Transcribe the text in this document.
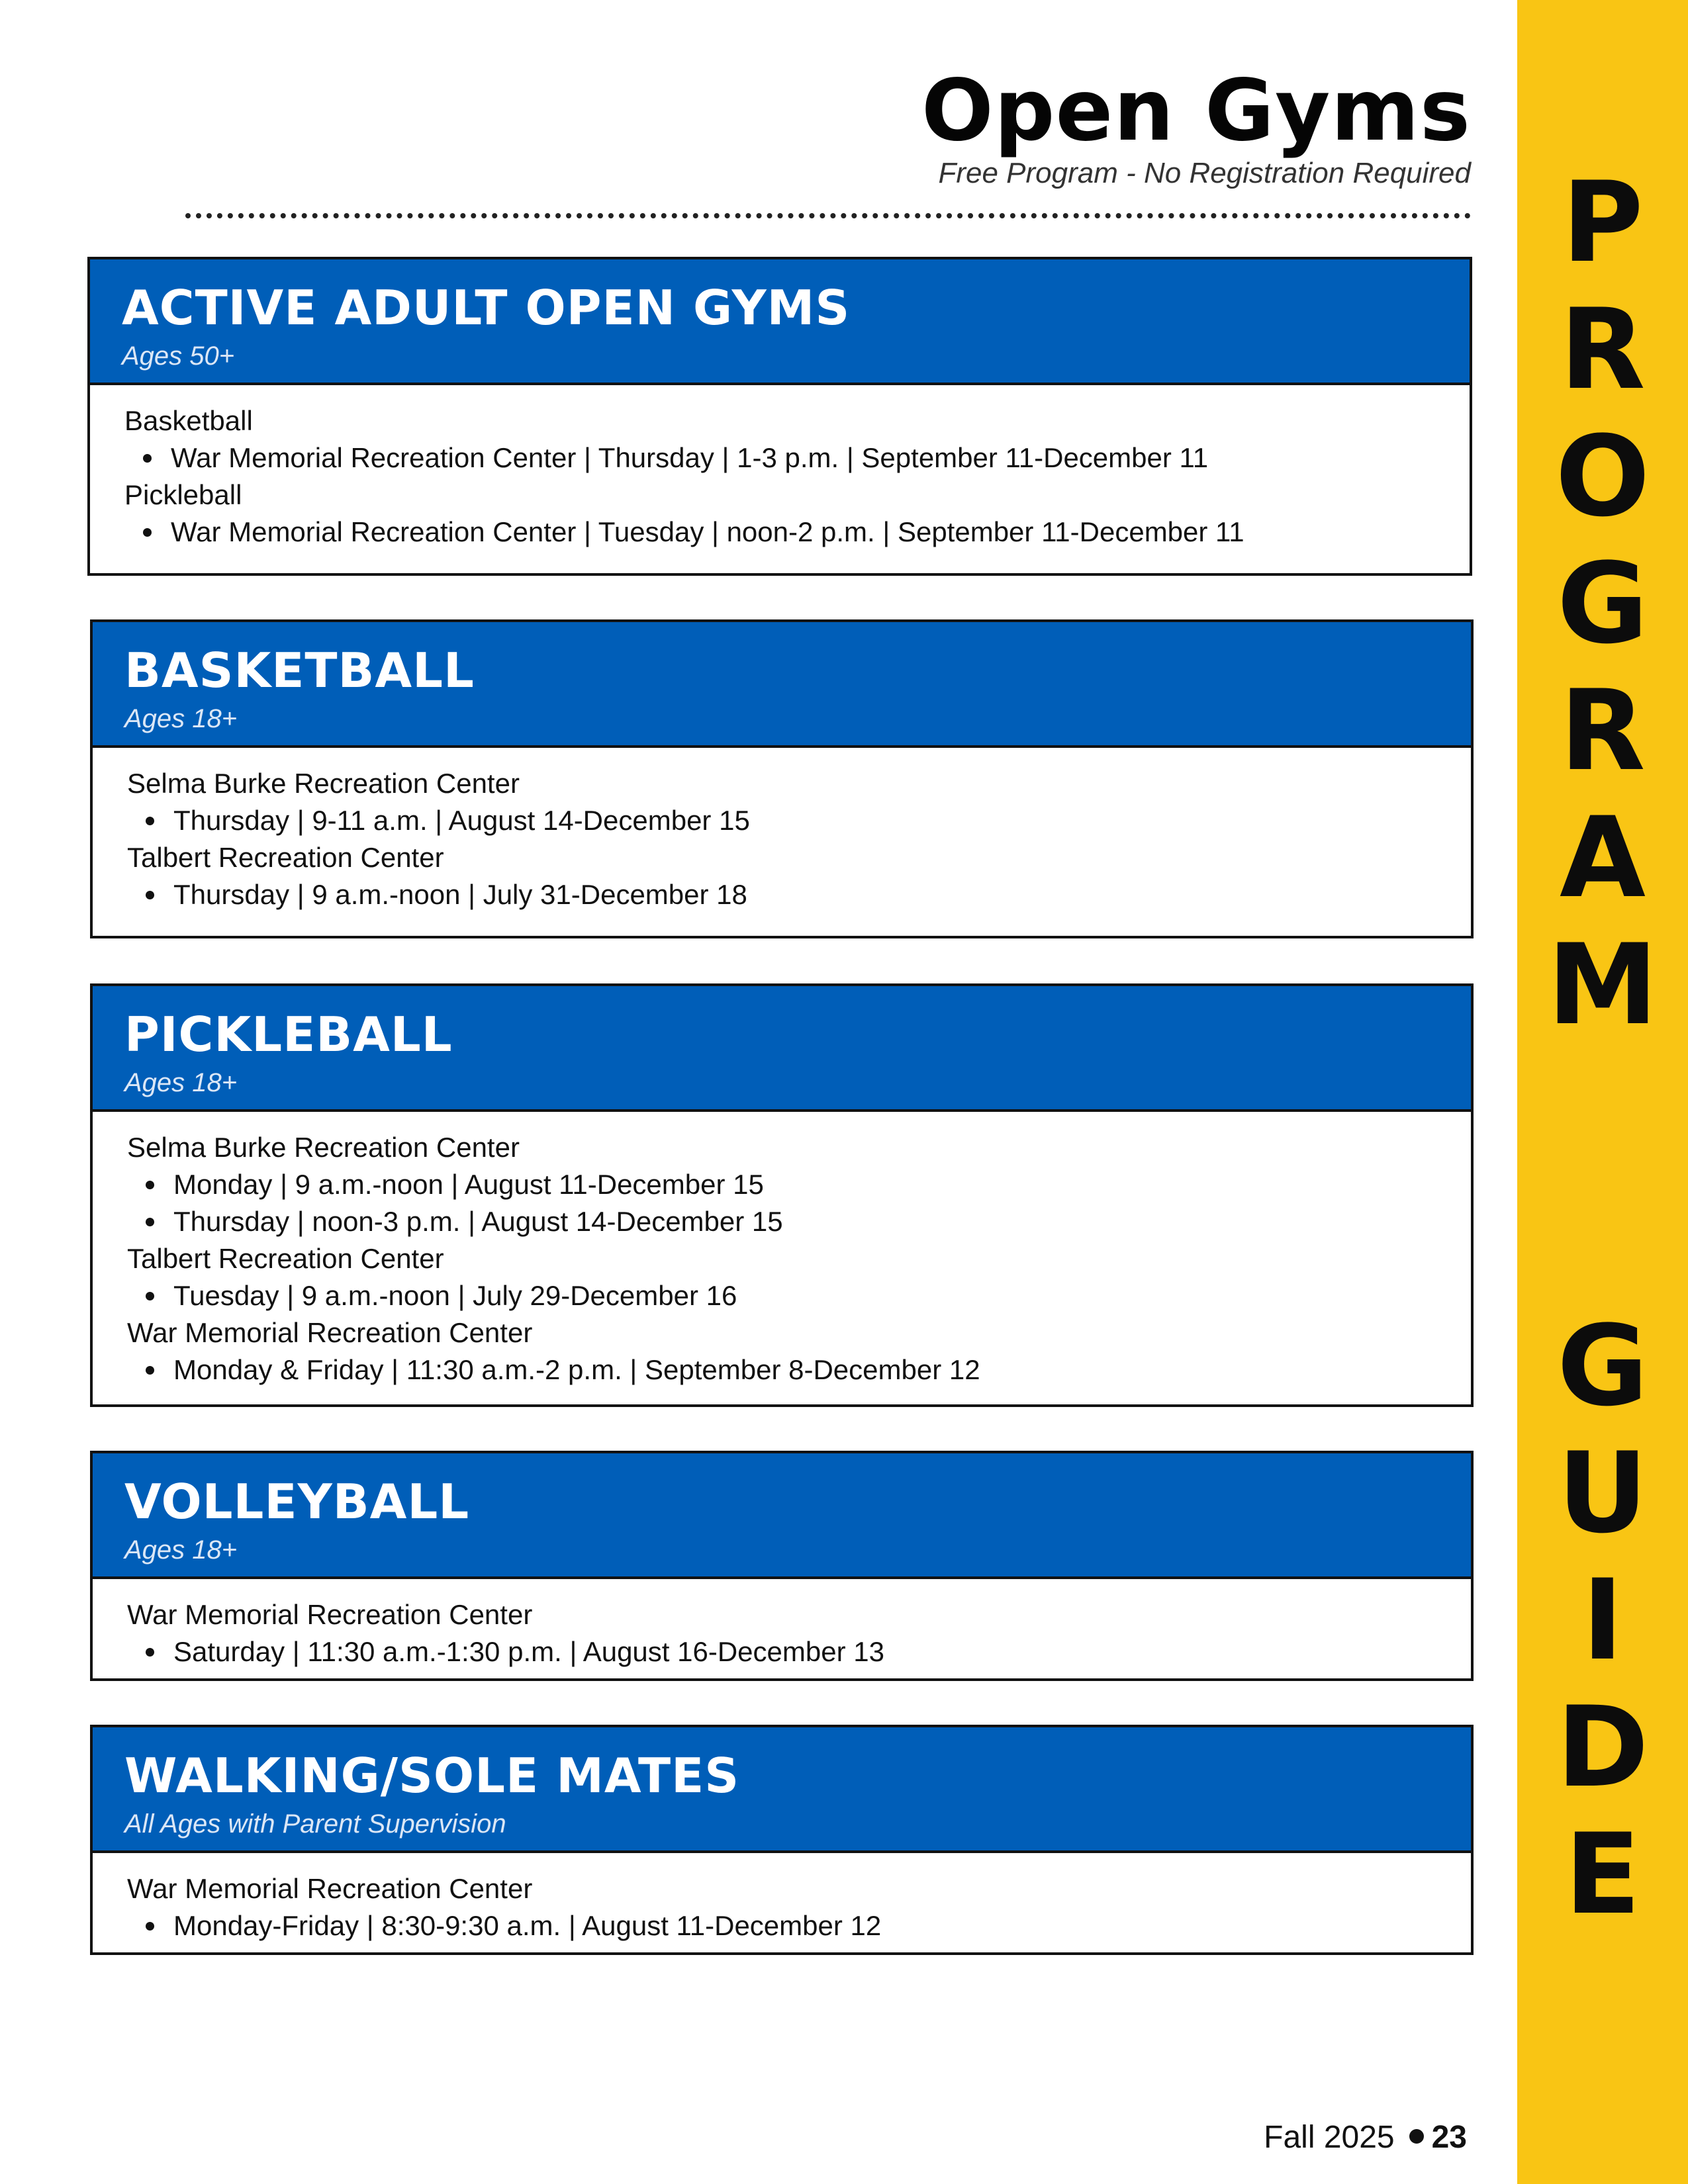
P
R
O
G
R
A
M
G
U
I
D
E
Open Gyms
Free Program - No Registration Required
ACTIVE ADULT OPEN GYMS
Ages 50+
Basketball
War Memorial Recreation Center | Thursday | 1-3 p.m. | September 11-December 11
Pickleball
War Memorial Recreation Center | Tuesday | noon-2 p.m. | September 11-December 11
BASKETBALL
Ages 18+
Selma Burke Recreation Center
Thursday | 9-11 a.m. | August 14-December 15
Talbert Recreation Center
Thursday | 9 a.m.-noon | July 31-December 18
PICKLEBALL
Ages 18+
Selma Burke Recreation Center
Monday | 9 a.m.-noon | August 11-December 15
Thursday | noon-3 p.m. | August 14-December 15
Talbert Recreation Center
Tuesday | 9 a.m.-noon | July 29-December 16
War Memorial Recreation Center
Monday & Friday | 11:30 a.m.-2 p.m. | September 8-December 12
VOLLEYBALL
Ages 18+
War Memorial Recreation Center
Saturday | 11:30 a.m.-1:30 p.m. | August 16-December 13
WALKING/SOLE MATES
All Ages with Parent Supervision
War Memorial Recreation Center
Monday-Friday | 8:30-9:30 a.m. | August 11-December 12
Fall 2025 23
